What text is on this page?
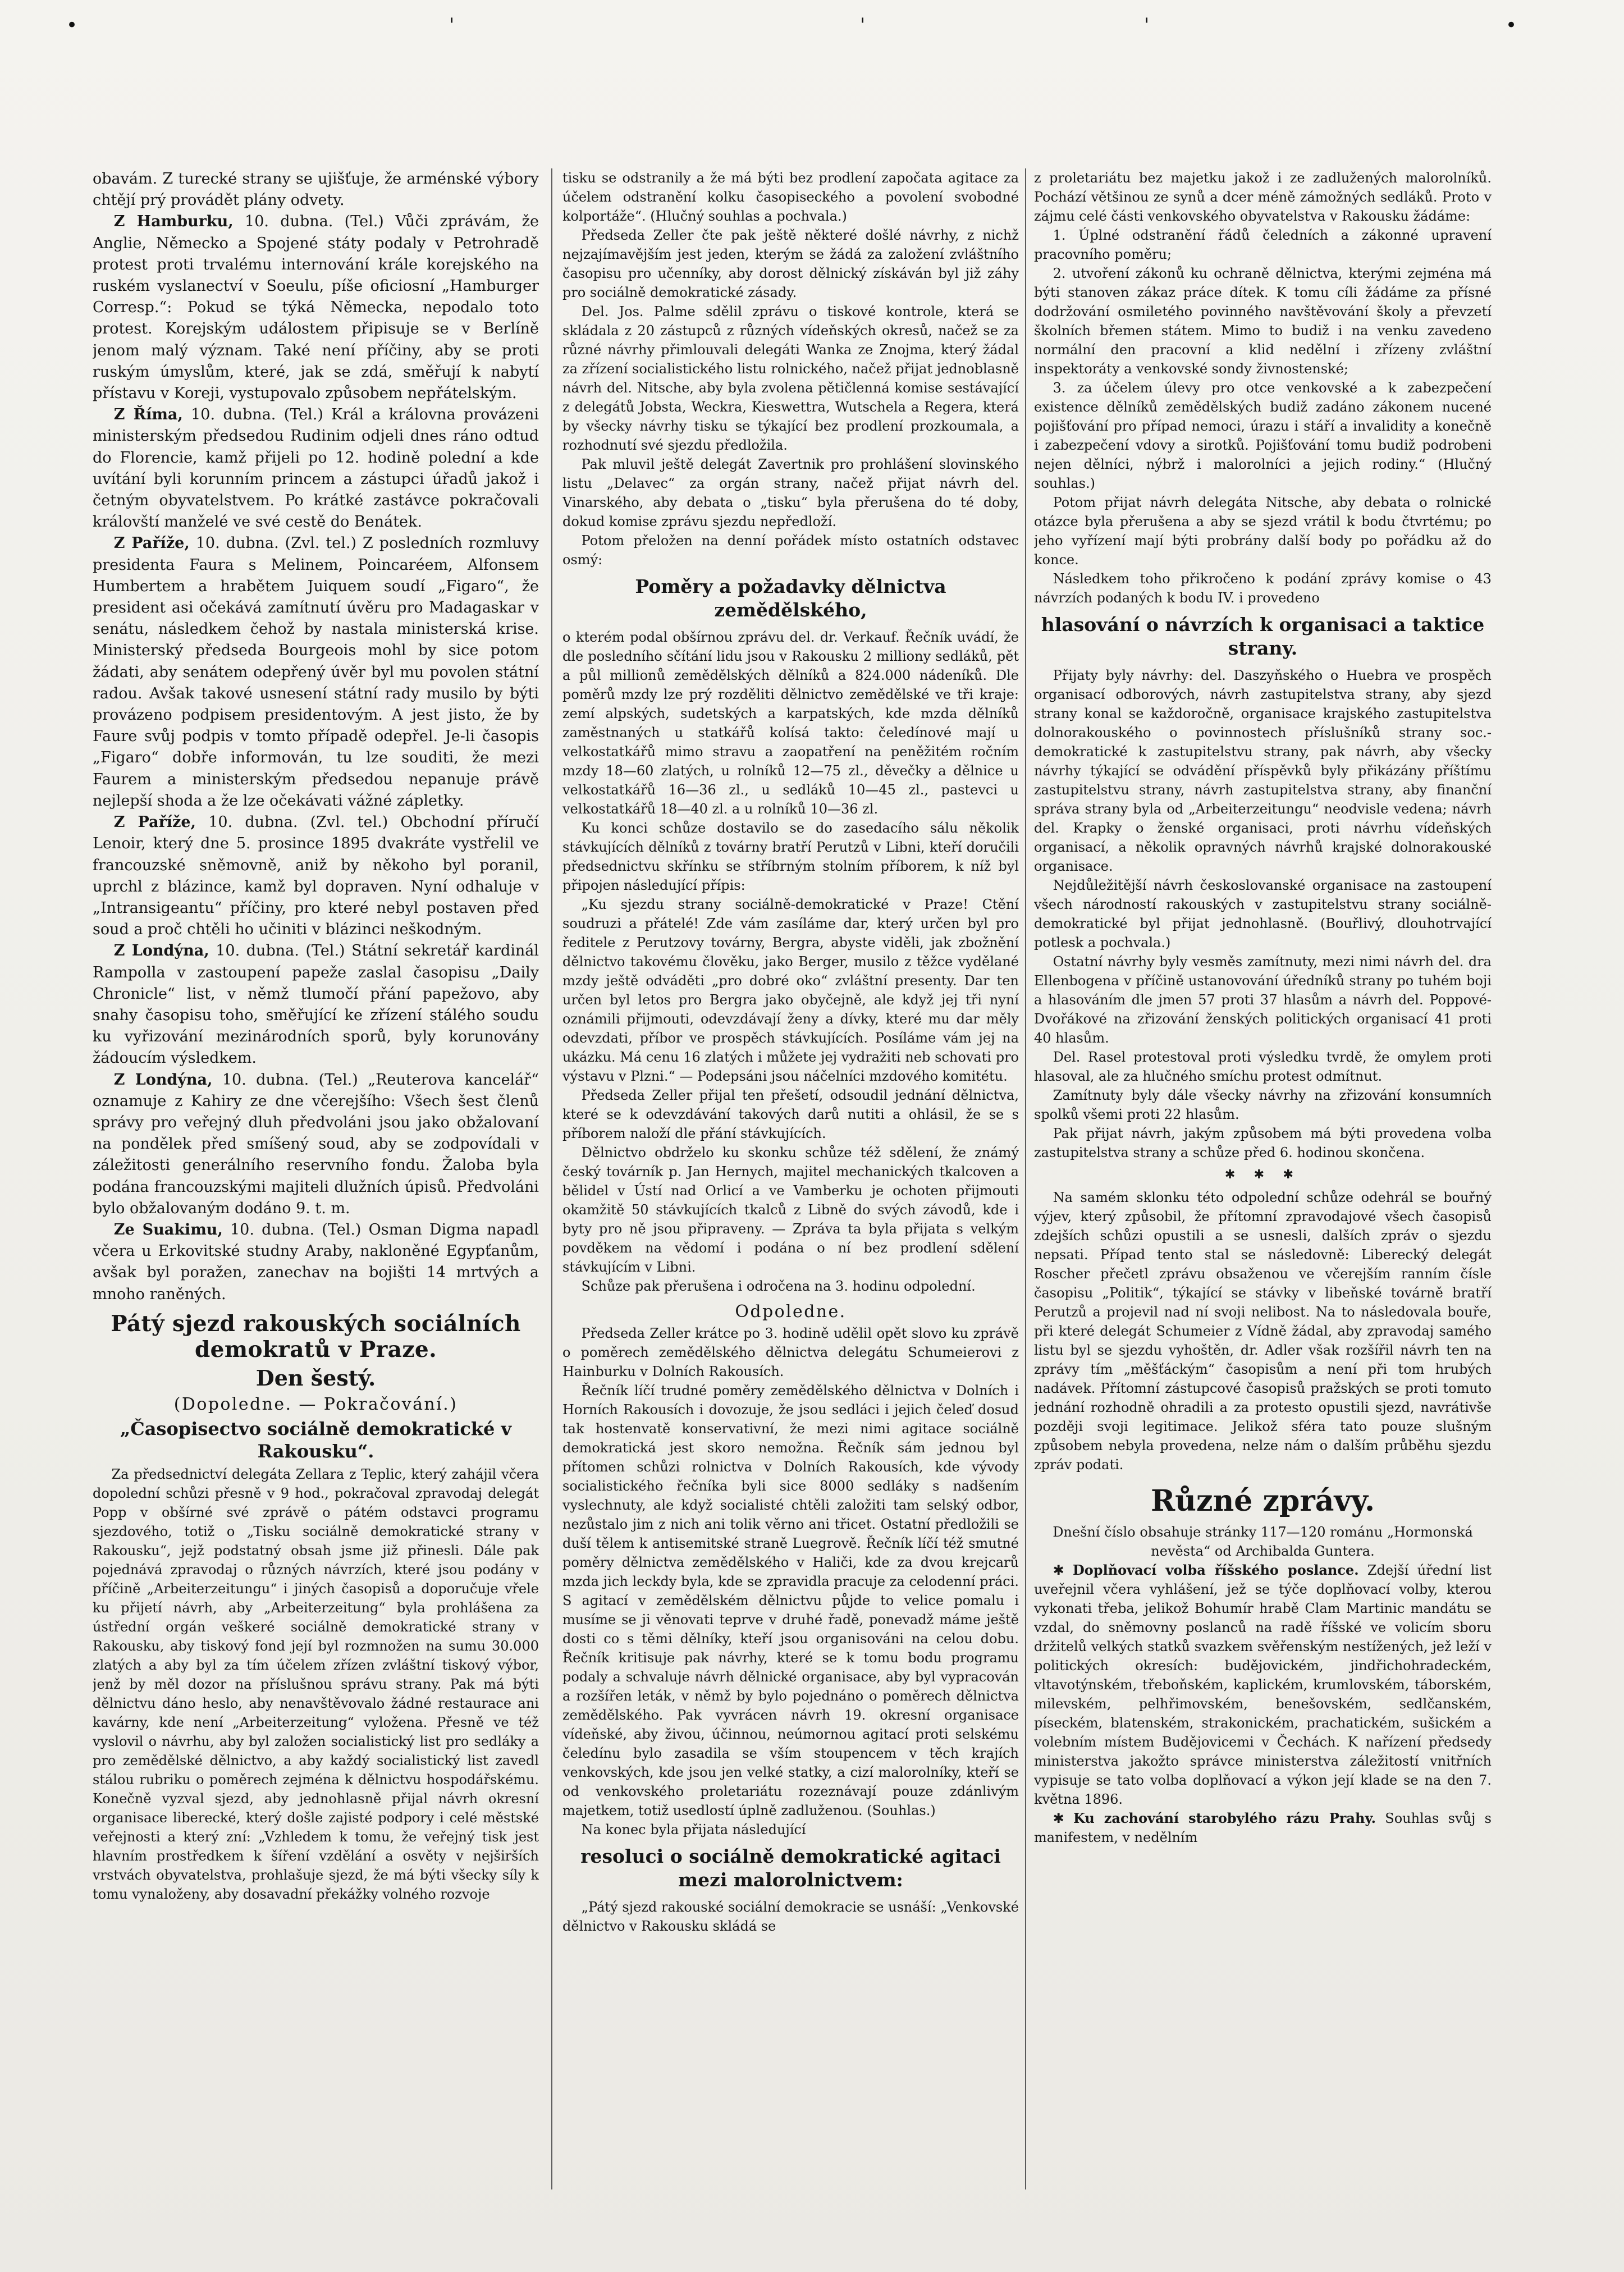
•	'	'	'	•

obavám. Z turecké strany se ujišťuje, že arménské výbory chtějí prý provádět plány odvety.

Z Hamburku, 10. dubna. (Tel.) Vůči zprávám, že Anglie, Německo a Spojené státy podaly v Petrohradě protest proti trvalému internování krále korejského na ruském vyslanectví v Soeulu, píše oficiosní „Hamburger Corresp.“: Pokud se týká Německa, nepodalo toto protest. Korejským událostem připisuje se v Berlíně jenom malý význam. Také není příčiny, aby se proti ruským úmyslům, které, jak se zdá, směřují k nabytí přístavu v Koreji, vystupovalo způsobem nepřátelským.

Z Říma, 10. dubna. (Tel.) Král a královna provázeni ministerským předsedou Rudinim odjeli dnes ráno odtud do Florencie, kamž přijeli po 12. hodině polední a kde uvítání byli korunním princem a zástupci úřadů jakož i četným obyvatelstvem. Po krátké zastávce pokračovali královští manželé ve své cestě do Benátek.

Z Paříže, 10. dubna. (Zvl. tel.) Z posledních rozmluvy presidenta Faura s Melinem, Poincaréem, Alfonsem Humbertem a hrabětem Juiquem soudí „Figaro“, že president asi očekává zamítnutí úvěru pro Madagaskar v senátu, následkem čehož by nastala ministerská krise. Ministerský předseda Bourgeois mohl by sice potom žádati, aby senátem odepřený úvěr byl mu povolen státní radou. Avšak takové usnesení státní rady musilo by býti provázeno podpisem presidentovým. A jest jisto, že by Faure svůj podpis v tomto případě odepřel. Je-li časopis „Figaro“ dobře informován, tu lze souditi, že mezi Faurem a ministerským předsedou nepanuje právě nejlepší shoda a že lze očekávati vážné zápletky.

Z Paříže, 10. dubna. (Zvl. tel.) Obchodní příručí Lenoir, který dne 5. prosince 1895 dvakráte vystřelil ve francouzské sněmovně, aniž by někoho byl poranil, uprchl z blázince, kamž byl dopraven. Nyní odhaluje v „Intransigeantu“ příčiny, pro které nebyl postaven před soud a proč chtěli ho učiniti v blázinci neškodným.

Z Londýna, 10. dubna. (Tel.) Státní sekretář kardinál Rampolla v zastoupení papeže zaslal časopisu „Daily Chronicle“ list, v němž tlumočí přání papežovo, aby snahy časopisu toho, směřující ke zřízení stálého soudu ku vyřizování mezinárodních sporů, byly korunovány žádoucím výsledkem.

Z Londýna, 10. dubna. (Tel.) „Reuterova kancelář“ oznamuje z Kahiry ze dne včerejšího: Všech šest členů správy pro veřejný dluh předvoláni jsou jako obžalovaní na pondělek před smíšený soud, aby se zodpovídali v záležitosti generálního reservního fondu. Žaloba byla podána francouzskými majiteli dlužních úpisů. Předvoláni bylo obžalovaným dodáno 9. t. m.

Ze Suakimu, 10. dubna. (Tel.) Osman Digma napadl včera u Erkovitské studny Araby, nakloněné Egypťanům, avšak byl poražen, zanechav na bojišti 14 mrtvých a mnoho raněných.

Pátý sjezd rakouských sociálních demokratů v Praze.
Den šestý.
(Dopoledne. — Pokračování.)
„Časopisectvo sociálně demokratické v Rakousku“.

Za předsednictví delegáta Zellara z Teplic, který zahájil včera dopolední schůzi přesně v 9 hod., pokračoval zpravodaj delegát Popp v obšírné své zprávě o pátém odstavci programu sjezdového, totiž o „Tisku sociálně demokratické strany v Rakousku“, jejž podstatný obsah jsme již přinesli. Dále pak pojednává zpravodaj o různých návrzích, které jsou podány v příčině „Arbeiterzeitungu“ i jiných časopisů a doporučuje vřele ku přijetí návrh, aby „Arbeiterzeitung“ byla prohlášena za ústřední orgán veškeré sociálně demokratické strany v Rakousku, aby tiskový fond její byl rozmnožen na sumu 30.000 zlatých a aby byl za tím účelem zřízen zvláštní tiskový výbor, jenž by měl dozor na příslušnou správu strany. Pak má býti dělnictvu dáno heslo, aby nenavštěvovalo žádné restaurace ani kavárny, kde není „Arbeiterzeitung“ vyložena. Přesně ve též vyslovil o návrhu, aby byl založen socialistický list pro sedláky a pro zemědělské dělnictvo, a aby každý socialistický list zavedl stálou rubriku o poměrech zejména k dělnictvu hospodářskému. Konečně vyzval sjezd, aby jednohlasně přijal návrh okresní organisace liberecké, který došle zajisté podpory i celé městské veřejnosti a který zní: „Vzhledem k tomu, že veřejný tisk jest hlavním prostředkem k šíření vzdělání a osvěty v nejširších vrstvách obyvatelstva, prohlašuje sjezd, že má býti všecky síly k tomu vynaloženy, aby dosavadní překážky volného rozvoje

tisku se odstranily a že má býti bez prodlení započata agitace za účelem odstranění kolku časopiseckého a povolení svobodné kolportáže“. (Hlučný souhlas a pochvala.)

Předseda Zeller čte pak ještě některé došlé návrhy, z nichž nejzajímavějším jest jeden, kterým se žádá za založení zvláštního časopisu pro učenníky, aby dorost dělnický získáván byl již záhy pro sociálně demokratické zásady.

Del. Jos. Palme sdělil zprávu o tiskové kontrole, která se skládala z 20 zástupců z různých vídeňských okresů, načež se za různé návrhy přimlouvali delegáti Wanka ze Znojma, který žádal za zřízení socialistického listu rolnického, načež přijat jednoblasně návrh del. Nitsche, aby byla zvolena pětičlenná komise sestávající z delegátů Jobsta, Weckra, Kieswettra, Wutschela a Regera, která by všecky návrhy tisku se týkající bez prodlení prozkoumala, a rozhodnutí své sjezdu předložila.

Pak mluvil ještě delegát Zavertnik pro prohlášení slovinského listu „Delavec“ za orgán strany, načež přijat návrh del. Vinarského, aby debata o „tisku“ byla přerušena do té doby, dokud komise zprávu sjezdu nepředloží.

Potom přeložen na denní pořádek místo ostatních odstavec osmý:

Poměry a požadavky dělnictva zemědělského,

o kterém podal obšírnou zprávu del. dr. Verkauf. Řečník uvádí, že dle posledního sčítání lidu jsou v Rakousku 2 milliony sedláků, pět a půl millionů zemědělských dělníků a 824.000 nádeníků. Dle poměrů mzdy lze prý rozděliti dělnictvo zemědělské ve tři kraje: zemí alpských, sudetských a karpatských, kde mzda dělníků zaměstnaných u statkářů kolísá takto: čeledínové mají u velkostatkářů mimo stravu a zaopatření na peněžitém ročním mzdy 18—60 zlatých, u rolníků 12—75 zl., děvečky a dělnice u velkostatkářů 16—36 zl., u sedláků 10—45 zl., pastevci u velkostatkářů 18—40 zl. a u rolníků 10—36 zl.

Ku konci schůze dostavilo se do zasedacího sálu několik stávkujících dělníků z továrny bratří Perutzů v Libni, kteří doručili předsednictvu skřínku se stříbrným stolním příborem, k níž byl připojen následující přípis:

„Ku sjezdu strany sociálně-demokratické v Praze! Ctění soudruzi a přátelé! Zde vám zasíláme dar, který určen byl pro ředitele z Perutzovy továrny, Bergra, abyste viděli, jak zbožnění dělnictvo takovému člověku, jako Berger, musilo z těžce vydělané mzdy ještě odváděti „pro dobré oko“ zvláštní presenty. Dar ten určen byl letos pro Bergra jako obyčejně, ale když jej tři nyní oznámili přijmouti, odevzdávají ženy a dívky, které mu dar měly odevzdati, příbor ve prospěch stávkujících. Posíláme vám jej na ukázku. Má cenu 16 zlatých i můžete jej vydražiti neb schovati pro výstavu v Plzni.“ — Podepsáni jsou náčelníci mzdového komitétu.

Předseda Zeller přijal ten přešetí, odsoudil jednání dělnictva, které se k odevzdávání takových darů nutiti a ohlásil, že se s příborem naloží dle přání stávkujících.

Dělnictvo obdrželo ku skonku schůze též sdělení, že známý český továrník p. Jan Hernych, majitel mechanických tkalcoven a bělidel v Ústí nad Orlicí a ve Vamberku je ochoten přijmouti okamžitě 50 stávkujících tkalců z Libně do svých závodů, kde i byty pro ně jsou připraveny. — Zpráva ta byla přijata s velkým povděkem na vědomí i podána o ní bez prodlení sdělení stávkujícím v Libni.

Schůze pak přerušena i odročena na 3. hodinu odpolední.

Odpoledne.

Předseda Zeller krátce po 3. hodině udělil opět slovo ku zprávě o poměrech zemědělského dělnictva delegátu Schumeierovi z Hainburku v Dolních Rakousích.

Řečník líčí trudné poměry zemědělského dělnictva v Dolních i Horních Rakousích i dovozuje, že jsou sedláci i jejich čeleď dosud tak hostenvatě konservativní, že mezi nimi agitace sociálně demokratická jest skoro nemožna. Řečník sám jednou byl přítomen schůzi rolnictva v Dolních Rakousích, kde vývody socialistického řečníka byli sice 8000 sedláky s nadšením vyslechnuty, ale když socialisté chtěli založiti tam selský odbor, nezůstalo jim z nich ani tolik věrno ani třicet. Ostatní předložili se duší tělem k antisemitské straně Luegrově. Řečník líčí též smutné poměry dělnictva zemědělského v Haliči, kde za dvou krejcarů mzda jich leckdy byla, kde se zpravidla pracuje za celodenní práci. S agitací v zemědělském dělnictvu půjde to velice pomalu i musíme se ji věnovati teprve v druhé řadě, ponevadž máme ještě dosti co s těmi dělníky, kteří jsou organisováni na celou dobu. Řečník kritisuje pak návrhy, které se k tomu bodu programu podaly a schvaluje návrh dělnické organisace, aby byl vypracován a rozšířen leták, v němž by bylo pojednáno o poměrech dělnictva zemědělského. Pak vyvrácen návrh 19. okresní organisace vídeňské, aby živou, účinnou, neúmornou agitací proti selskému čeledínu bylo zasadila se vším stoupencem v těch krajích venkovských, kde jsou jen velké statky, a cizí malorolníky, kteří se od venkovského proletariátu rozeznávají pouze zdánlivým majetkem, totiž usedlostí úplně zadluženou. (Souhlas.)

Na konec byla přijata následující

resoluci o sociálně demokratické agitaci mezi malorolnictvem:

„Pátý sjezd rakouské sociální demokracie se usnáší: „Venkovské dělnictvo v Rakousku skládá se

z proletariátu bez majetku jakož i ze zadlužených malorolníků. Pochází většinou ze synů a dcer méně zámožných sedláků. Proto v zájmu celé části venkovského obyvatelstva v Rakousku žádáme:

1. Úplné odstranění řádů čeledních a zákonné upravení pracovního poměru;

2. utvoření zákonů ku ochraně dělnictva, kterými zejména má býti stanoven zákaz práce dítek. K tomu cíli žádáme za přísné dodržování osmiletého povinného navštěvování školy a převzetí školních břemen státem. Mimo to budiž i na venku zavedeno normální den pracovní a klid nedělní i zřízeny zvláštní inspektoráty a venkovské sondy živnostenské;

3. za účelem úlevy pro otce venkovské a k zabezpečení existence dělníků zemědělských budiž zadáno zákonem nucené pojišťování pro případ nemoci, úrazu i stáří a invalidity a konečně i zabezpečení vdovy a sirotků. Pojišťování tomu budiž podrobeni nejen dělníci, nýbrž i malorolníci a jejich rodiny.“ (Hlučný souhlas.)

Potom přijat návrh delegáta Nitsche, aby debata o rolnické otázce byla přerušena a aby se sjezd vrátil k bodu čtvrtému; po jeho vyřízení mají býti probrány další body po pořádku až do konce.

Následkem toho přikročeno k podání zprávy komise o 43 návrzích podaných k bodu IV. i provedeno

hlasování o návrzích k organisaci a taktice strany.

Přijaty byly návrhy: del. Daszyňského o Huebra ve prospěch organisací odborových, návrh zastupitelstva strany, aby sjezd strany konal se každoročně, organisace krajského zastupitelstva dolnorakouského o povinnostech příslušníků strany soc.-demokratické k zastupitelstvu strany, pak návrh, aby všecky návrhy týkající se odvádění příspěvků byly přikázány příštímu zastupitelstvu strany, návrh zastupitelstva strany, aby finanční správa strany byla od „Arbeiterzeitungu“ neodvisle vedena; návrh del. Krapky o ženské organisaci, proti návrhu vídeňských organisací, a několik opravných návrhů krajské dolnorakouské organisace.

Nejdůležitější návrh českoslovanské organisace na zastoupení všech národností rakouských v zastupitelstvu strany sociálně-demokratické byl přijat jednohlasně. (Bouřlivý, dlouhotrvající potlesk a pochvala.)

Ostatní návrhy byly vesměs zamítnuty, mezi nimi návrh del. dra Ellenbogena v příčině ustanovování úředníků strany po tuhém boji a hlasováním dle jmen 57 proti 37 hlasům a návrh del. Poppové-Dvořákové na zřizování ženských politických organisací 41 proti 40 hlasům.

Del. Rasel protestoval proti výsledku tvrdě, že omylem proti hlasoval, ale za hlučného smíchu protest odmítnut.

Zamítnuty byly dále všecky návrhy na zřizování konsumních spolků všemi proti 22 hlasům.

Pak přijat návrh, jakým způsobem má býti provedena volba zastupitelstva strany a schůze před 6. hodinou skončena.

✱ ✱ ✱

Na samém sklonku této odpolední schůze odehrál se bouřný výjev, který způsobil, že přítomní zpravodajové všech časopisů zdejších schůzi opustili a se usnesli, dalších zpráv o sjezdu nepsati. Případ tento stal se následovně: Liberecký delegát Roscher přečetl zprávu obsaženou ve včerejším ranním čísle časopisu „Politik“, týkající se stávky v libeňské továrně bratří Perutzů a projevil nad ní svoji nelibost. Na to následovala bouře, při které delegát Schumeier z Vídně žádal, aby zpravodaj samého listu byl se sjezdu vyhoštěn, dr. Adler však rozšířil návrh ten na zprávy tím „měšťáckým“ časopisům a není při tom hrubých nadávek. Přítomní zástupcové časopisů pražských se proti tomuto jednání rozhodně ohradili a za protesto opustili sjezd, navrátivše později svoji legitimace. Jelikož sféra tato pouze slušným způsobem nebyla provedena, nelze nám o dalším průběhu sjezdu zpráv podati.

Různé zprávy.

Dnešní číslo obsahuje stránky 117—120 románu „Hormonská nevěsta“ od Archibalda Guntera.

✱ Doplňovací volba říšského poslance. Zdejší úřední list uveřejnil včera vyhlášení, jež se týče doplňovací volby, kterou vykonati třeba, jelikož Bohumír hrabě Clam Martinic mandátu se vzdal, do sněmovny poslanců na radě říšské ve volicím sboru držitelů velkých statků svazkem svěřenským nestížených, jež leží v politických okresích: budějovickém, jindřichohradeckém, vltavotýnském, třeboňském, kaplickém, krumlovském, táborském, milevském, pelhřimovském, benešovském, sedlčanském, píseckém, blatenském, strakonickém, prachatickém, sušickém a volebním místem Budějovicemi v Čechách. K nařízení předsedy ministerstva jakožto správce ministerstva záležitostí vnitřních vypisuje se tato volba doplňovací a výkon její klade se na den 7. května 1896.

✱ Ku zachování starobylého rázu Prahy. Souhlas svůj s manifestem, v nedělním
